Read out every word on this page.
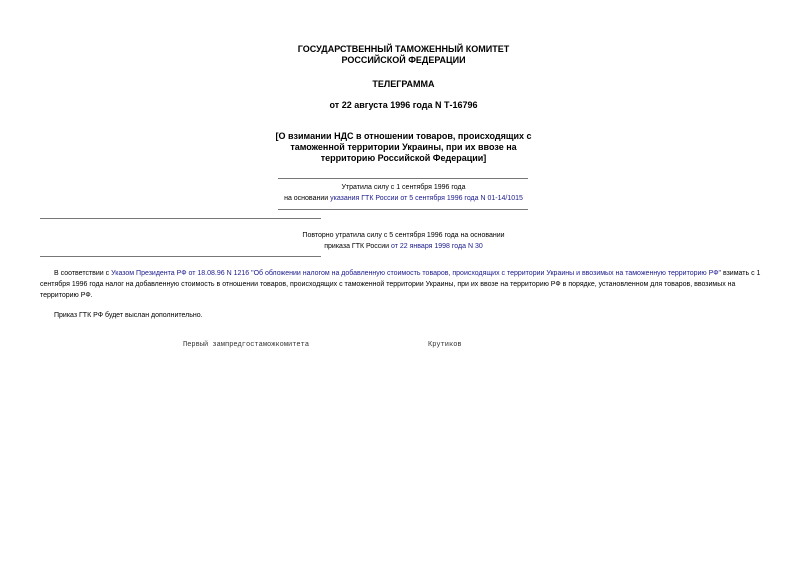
ГОСУДАРСТВЕННЫЙ ТАМОЖЕННЫЙ КОМИТЕТ
РОССИЙСКОЙ ФЕДЕРАЦИИ
ТЕЛЕГРАММА
от 22 августа 1996 года N Т-16796
[О взимании НДС в отношении товаров, происходящих с
таможенной территории Украины, при их ввозе на
территорию Российской Федерации]
Утратила силу с 1 сентября 1996 года
на основании указания ГТК России от 5 сентября 1996 года N 01-14/1015
Повторно утратила силу с 5 сентября 1996 года на основании
приказа ГТК России от 22 января 1998 года N 30
В соответствии с Указом Президента РФ от 18.08.96 N 1216 "Об обложении налогом на добавленную стоимость товаров, происходящих с территории Украины и ввозимых на таможенную территорию РФ" взимать с 1 сентября 1996 года налог на добавленную стоимость в отношении товаров, происходящих с таможенной территории Украины, при их ввозе на территорию РФ в порядке, установленном для товаров, ввозимых на территорию РФ.
Приказ ГТК РФ будет выслан дополнительно.
Первый зампредгостаможкомитета	Крутиков
